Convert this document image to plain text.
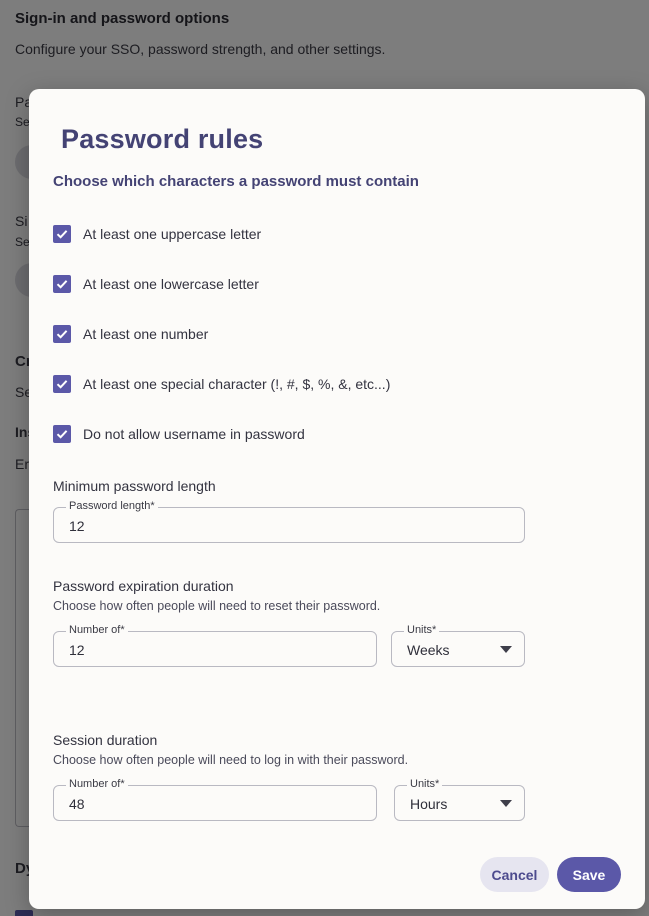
Password rules
Choose which characters a password must contain
At least one uppercase letter
At least one lowercase letter
At least one number
At least one special character (!, #, $, %, &, etc...)
Do not allow username in password
Minimum password length
Password length*
12
Password expiration duration
Choose how often people will need to reset their password.
Number of*
12
Units*
Weeks
Session duration
Choose how often people will need to log in with their password.
Number of*
48
Units*
Hours
Cancel	Save
